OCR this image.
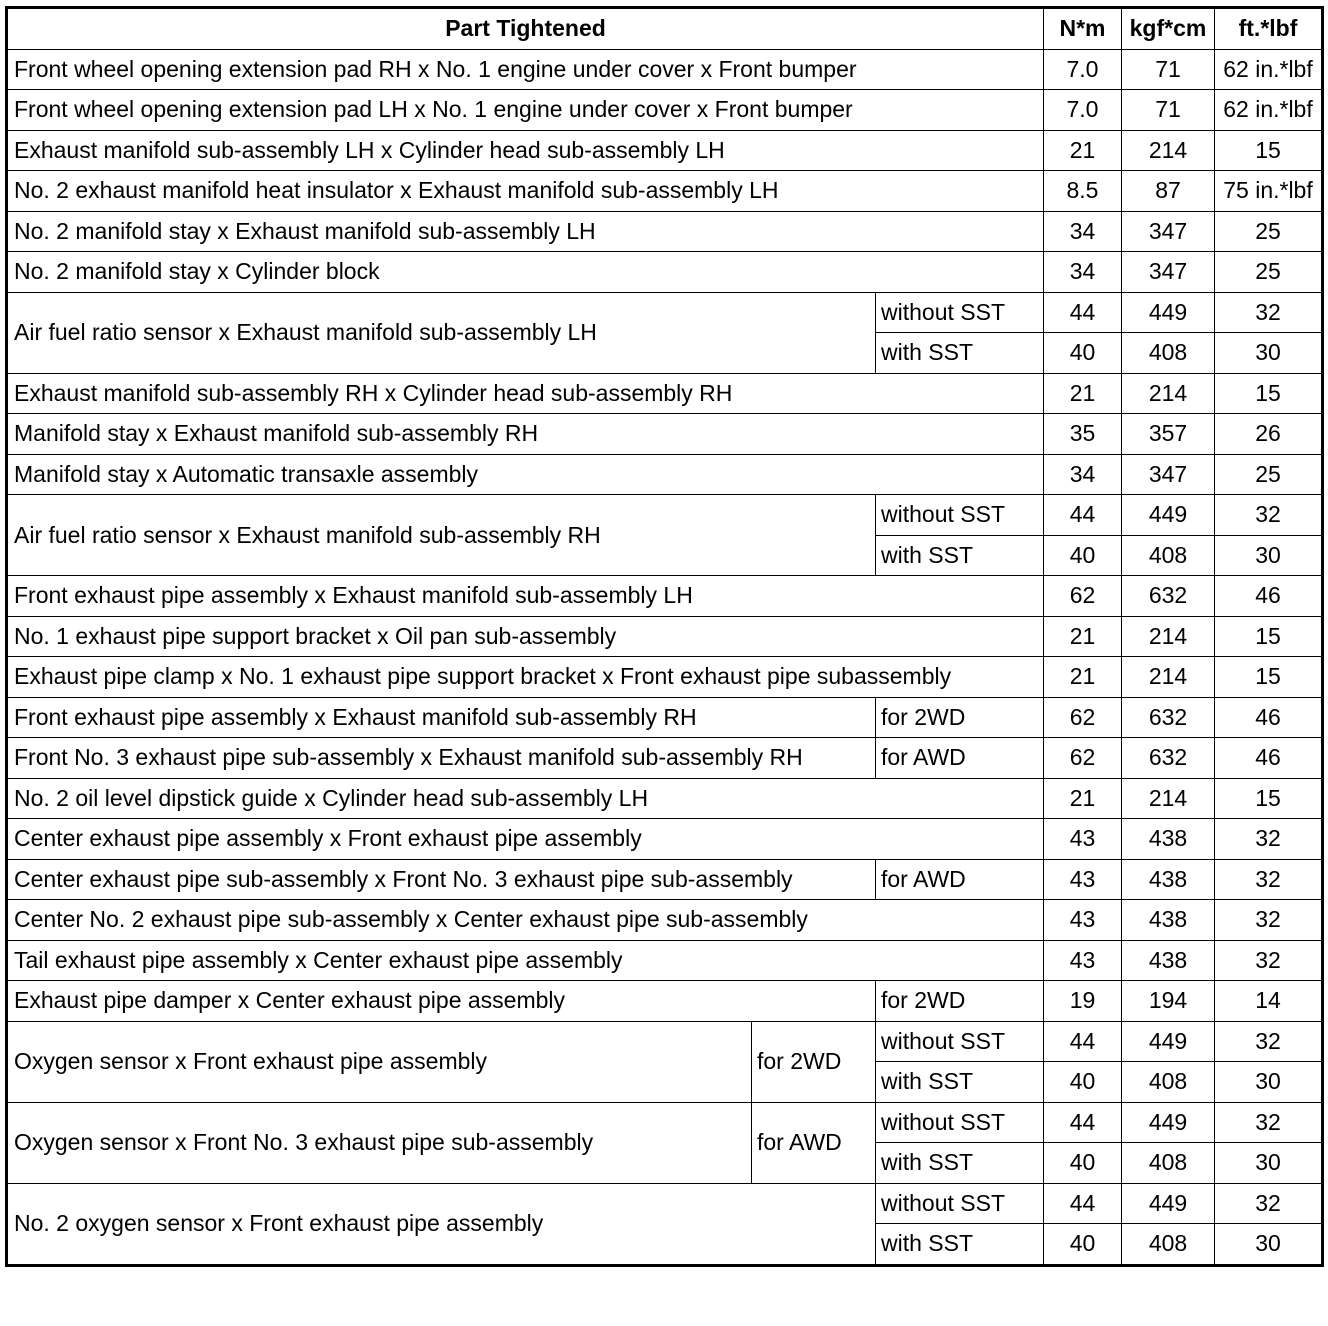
Part Tightened			N*m	kgf*cm	ft.*lbf
Front wheel opening extension pad RH x No. 1 engine under cover x Front bumper			7.0	71	62 in.*lbf
Front wheel opening extension pad LH x No. 1 engine under cover x Front bumper			7.0	71	62 in.*lbf
Exhaust manifold sub-assembly LH x Cylinder head sub-assembly LH			21	214	15
No. 2 exhaust manifold heat insulator x Exhaust manifold sub-assembly LH			8.5	87	75 in.*lbf
No. 2 manifold stay x Exhaust manifold sub-assembly LH			34	347	25
No. 2 manifold stay x Cylinder block			34	347	25
Air fuel ratio sensor x Exhaust manifold sub-assembly LH		without SST	44	449	32
		with SST	40	408	30
Exhaust manifold sub-assembly RH x Cylinder head sub-assembly RH			21	214	15
Manifold stay x Exhaust manifold sub-assembly RH			35	357	26
Manifold stay x Automatic transaxle assembly			34	347	25
Air fuel ratio sensor x Exhaust manifold sub-assembly RH		without SST	44	449	32
		with SST	40	408	30
Front exhaust pipe assembly x Exhaust manifold sub-assembly LH			62	632	46
No. 1 exhaust pipe support bracket x Oil pan sub-assembly			21	214	15
Exhaust pipe clamp x No. 1 exhaust pipe support bracket x Front exhaust pipe subassembly			21	214	15
Front exhaust pipe assembly x Exhaust manifold sub-assembly RH		for 2WD	62	632	46
Front No. 3 exhaust pipe sub-assembly x Exhaust manifold sub-assembly RH		for AWD	62	632	46
No. 2 oil level dipstick guide x Cylinder head sub-assembly LH			21	214	15
Center exhaust pipe assembly x Front exhaust pipe assembly			43	438	32
Center exhaust pipe sub-assembly x Front No. 3 exhaust pipe sub-assembly		for AWD	43	438	32
Center No. 2 exhaust pipe sub-assembly x Center exhaust pipe sub-assembly			43	438	32
Tail exhaust pipe assembly x Center exhaust pipe assembly			43	438	32
Exhaust pipe damper x Center exhaust pipe assembly		for 2WD	19	194	14
Oxygen sensor x Front exhaust pipe assembly	for 2WD	without SST	44	449	32
		with SST	40	408	30
Oxygen sensor x Front No. 3 exhaust pipe sub-assembly	for AWD	without SST	44	449	32
		with SST	40	408	30
No. 2 oxygen sensor x Front exhaust pipe assembly		without SST	44	449	32
		with SST	40	408	30
